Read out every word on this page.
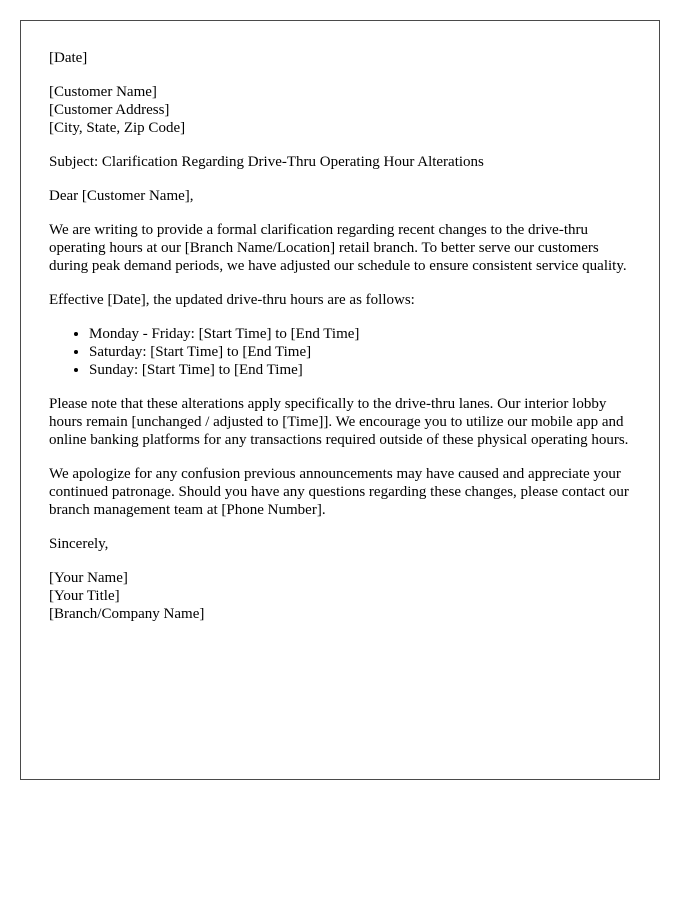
[Date]
[Customer Name]
[Customer Address]
[City, State, Zip Code]
Subject: Clarification Regarding Drive-Thru Operating Hour Alterations
Dear [Customer Name],

We are writing to provide a formal clarification regarding recent changes to the drive-thru operating hours at our [Branch Name/Location] retail branch. To better serve our customers during peak demand periods, we have adjusted our schedule to ensure consistent service quality.

Effective [Date], the updated drive-thru hours are as follows:

• Monday - Friday: [Start Time] to [End Time]
• Saturday: [Start Time] to [End Time]
• Sunday: [Start Time] to [End Time]

Please note that these alterations apply specifically to the drive-thru lanes. Our interior lobby hours remain [unchanged / adjusted to [Time]]. We encourage you to utilize our mobile app and online banking platforms for any transactions required outside of these physical operating hours.

We apologize for any confusion previous announcements may have caused and appreciate your continued patronage. Should you have any questions regarding these changes, please contact our branch management team at [Phone Number].

Sincerely,
[Your Name]
[Your Title]
[Branch/Company Name]
